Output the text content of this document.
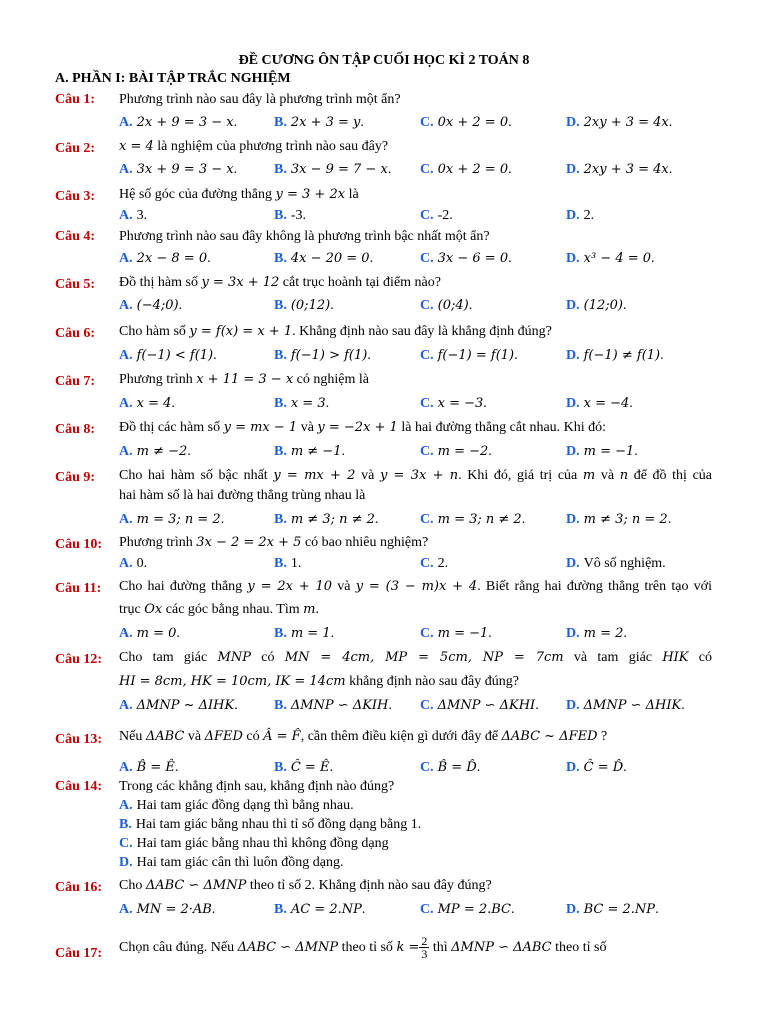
ĐỀ CƯƠNG ÔN TẬP CUỐI HỌC KÌ 2 TOÁN 8
A. PHẦN I: BÀI TẬP TRẮC NGHIỆM
Câu 1: Phương trình nào sau đây là phương trình một ẩn?
A. 2x + 9 = 3 − x.	B. 2x + 3 = y.	C. 0x + 2 = 0.	D. 2xy + 3 = 4x.
Câu 2: x = 4 là nghiệm của phương trình nào sau đây?
A. 3x + 9 = 3 − x.	B. 3x − 9 = 7 − x. C. 0x + 2 = 0.	D. 2xy + 3 = 4x.
Câu 3: Hệ số góc của đường thẳng y = 3 + 2x là
A. 3.	B. -3.	C. -2.	D. 2.
Câu 4: Phương trình nào sau đây không là phương trình bậc nhất một ẩn?
A. 2x − 8 = 0.	B. 4x − 20 = 0.	C. 3x − 6 = 0.	D. x³ − 4 = 0.
Câu 5: Đồ thị hàm số y = 3x + 12 cắt trục hoành tại điểm nào?
A. (−4;0).	B. (0;12).	C. (0;4).	D. (12;0).
Câu 6: Cho hàm số y = f(x) = x + 1. Khẳng định nào sau đây là khẳng định đúng?
A. f(−1) < f(1).	B. f(−1) > f(1).	C. f(−1) = f(1).	D. f(−1) ≠ f(1).
Câu 7: Phương trình x + 11 = 3 − x có nghiệm là
A. x = 4.	B. x = 3.	C. x = −3.	D. x = −4.
Câu 8: Đồ thị các hàm số y = mx − 1 và y = −2x + 1 là hai đường thẳng cắt nhau. Khi đó:
A. m ≠ −2.	B. m ≠ −1.	C. m = −2.	D. m = −1.
Câu 9: Cho hai hàm số bậc nhất y = mx + 2 và y = 3x + n. Khi đó, giá trị của m và n để đồ thị của
hai hàm số là hai đường thẳng trùng nhau là
A. m = 3; n = 2.	B. m ≠ 3; n ≠ 2.	C. m = 3; n ≠ 2.	D. m ≠ 3; n = 2.
Câu 10: Phương trình 3x − 2 = 2x + 5 có bao nhiêu nghiệm?
A. 0.	B. 1.	C. 2.	D. Vô số nghiệm.
Câu 11: Cho hai đường thẳng y = 2x + 10 và y = (3 − m)x + 4. Biết rằng hai đường thẳng trên tạo với
trục Ox các góc bằng nhau. Tìm m.
A. m = 0.	B. m = 1.	C. m = −1.	D. m = 2.
Câu 12: Cho tam giác MNP có MN = 4cm, MP = 5cm, NP = 7cm và tam giác HIK có
HI = 8cm, HK = 10cm, IK = 14cm khẳng định nào sau đây đúng?
A. ΔMNP ~ ΔIHK.	B. ΔMNP ∽ ΔKIH. C. ΔMNP ∽ ΔKHI. D. ΔMNP ∽ ΔHIK.
Câu 13: Nếu ΔABC và ΔFED có Â = F̂, cần thêm điều kiện gì dưới đây để ΔABC ~ ΔFED ?
A. B̂ = Ê.	B. Ĉ = Ê.	C. B̂ = D̂.	D. Ĉ = D̂.
Câu 14: Trong các khẳng định sau, khẳng định nào đúng?
A. Hai tam giác đồng dạng thì bằng nhau.
B. Hai tam giác bằng nhau thì tỉ số đồng dạng bằng 1.
C. Hai tam giác bằng nhau thì không đồng dạng
D. Hai tam giác cân thì luôn đồng dạng.
Câu 16: Cho ΔABC ∽ ΔMNP theo tỉ số 2. Khẳng định nào sau đây đúng?
A. MN = 2·AB.	B. AC = 2.NP.	C. MP = 2.BC.	D. BC = 2.NP.
Câu 17: Chọn câu đúng. Nếu ΔABC ∽ ΔMNP theo tỉ số $k = \frac{2}{3}$ thì ΔMNP ∽ ΔABC theo tỉ số
